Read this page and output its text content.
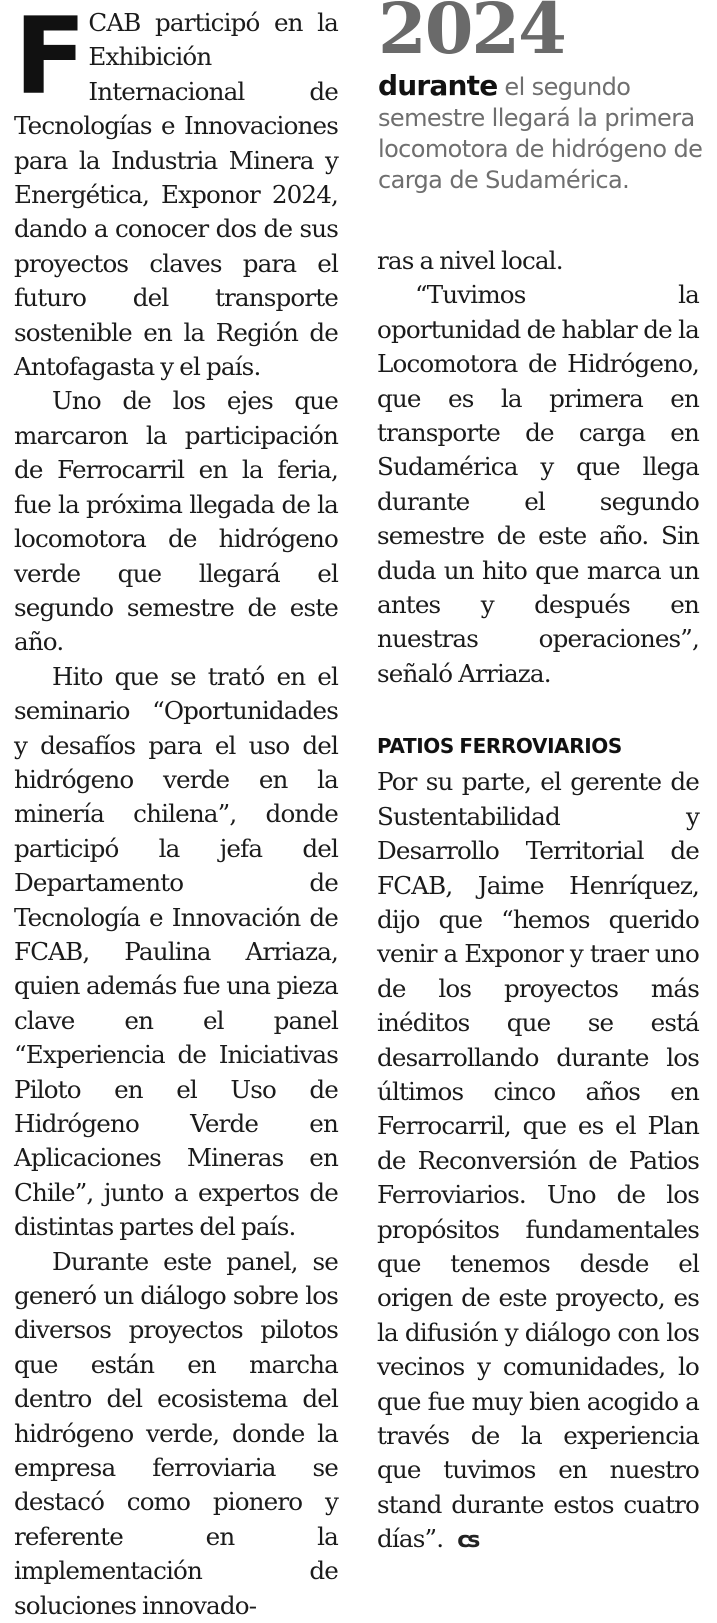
FCAB participó en la Exhibición Internacional de Tecnologías e Innovaciones para la Industria Minera y Energética, Exponor 2024, dando a conocer dos de sus proyectos claves para el futuro del transporte sostenible en la Región de Antofagasta y el país.

Uno de los ejes que marcaron la participación de Ferrocarril en la feria, fue la próxima llegada de la locomotora de hidrógeno verde que llegará el segundo semestre de este año.

Hito que se trató en el seminario “Oportunidades y desafíos para el uso del hidrógeno verde en la minería chilena”, donde participó la jefa del Departamento de Tecnología e Innovación de FCAB, Paulina Arriaza, quien además fue una pieza clave en el panel “Experiencia de Iniciativas Piloto en el Uso de Hidrógeno Verde en Aplicaciones Mineras en Chile”, junto a expertos de distintas partes del país.

Durante este panel, se generó un diálogo sobre los diversos proyectos pilotos que están en marcha dentro del ecosistema del hidrógeno verde, donde la empresa ferroviaria se destacó como pionero y referente en la implementación de soluciones innovado-

2024
durante el segundo semestre llegará la primera locomotora de hidrógeno de carga de Sudamérica.

ras a nivel local.

“Tuvimos la oportunidad de hablar de la Locomotora de Hidrógeno, que es la primera en transporte de carga en Sudamérica y que llega durante el segundo semestre de este año. Sin duda un hito que marca un antes y después en nuestras operaciones”, señaló Arriaza.

PATIOS FERROVIARIOS

Por su parte, el gerente de Sustentabilidad y Desarrollo Territorial de FCAB, Jaime Henríquez, dijo que “hemos querido venir a Exponor y traer uno de los proyectos más inéditos que se está desarrollando durante los últimos cinco años en Ferrocarril, que es el Plan de Reconversión de Patios Ferroviarios. Uno de los propósitos fundamentales que tenemos desde el origen de este proyecto, es la difusión y diálogo con los vecinos y comunidades, lo que fue muy bien acogido a través de la experiencia que tuvimos en nuestro stand durante estos cuatro días”. cs
